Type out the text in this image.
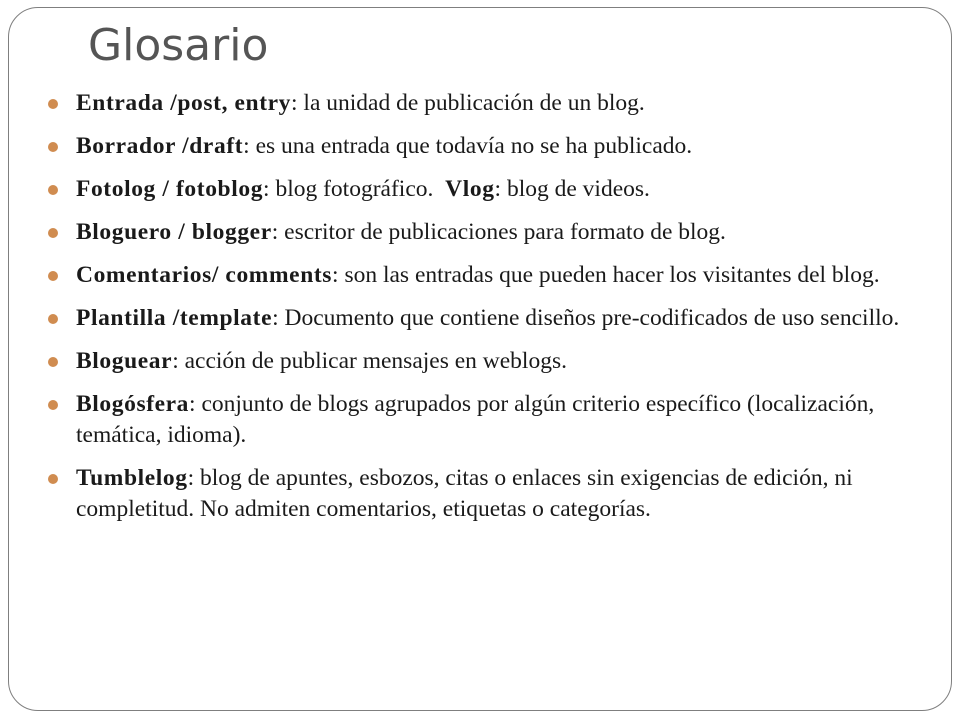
Glosario
Entrada /post, entry: la unidad de publicación de un blog.
Borrador /draft: es una entrada que todavía no se ha publicado.
Fotolog / fotoblog: blog fotográfico.  Vlog: blog de videos.
Bloguero / blogger: escritor de publicaciones para formato de blog.
Comentarios/ comments: son las entradas que pueden hacer los visitantes del blog.
Plantilla /template: Documento que contiene diseños pre-codificados de uso sencillo.
Bloguear: acción de publicar mensajes en weblogs.
Blogósfera: conjunto de blogs agrupados por algún criterio específico (localización, temática, idioma).
Tumblelog: blog de apuntes, esbozos, citas o enlaces sin exigencias de edición, ni completitud. No admiten comentarios, etiquetas o categorías.
